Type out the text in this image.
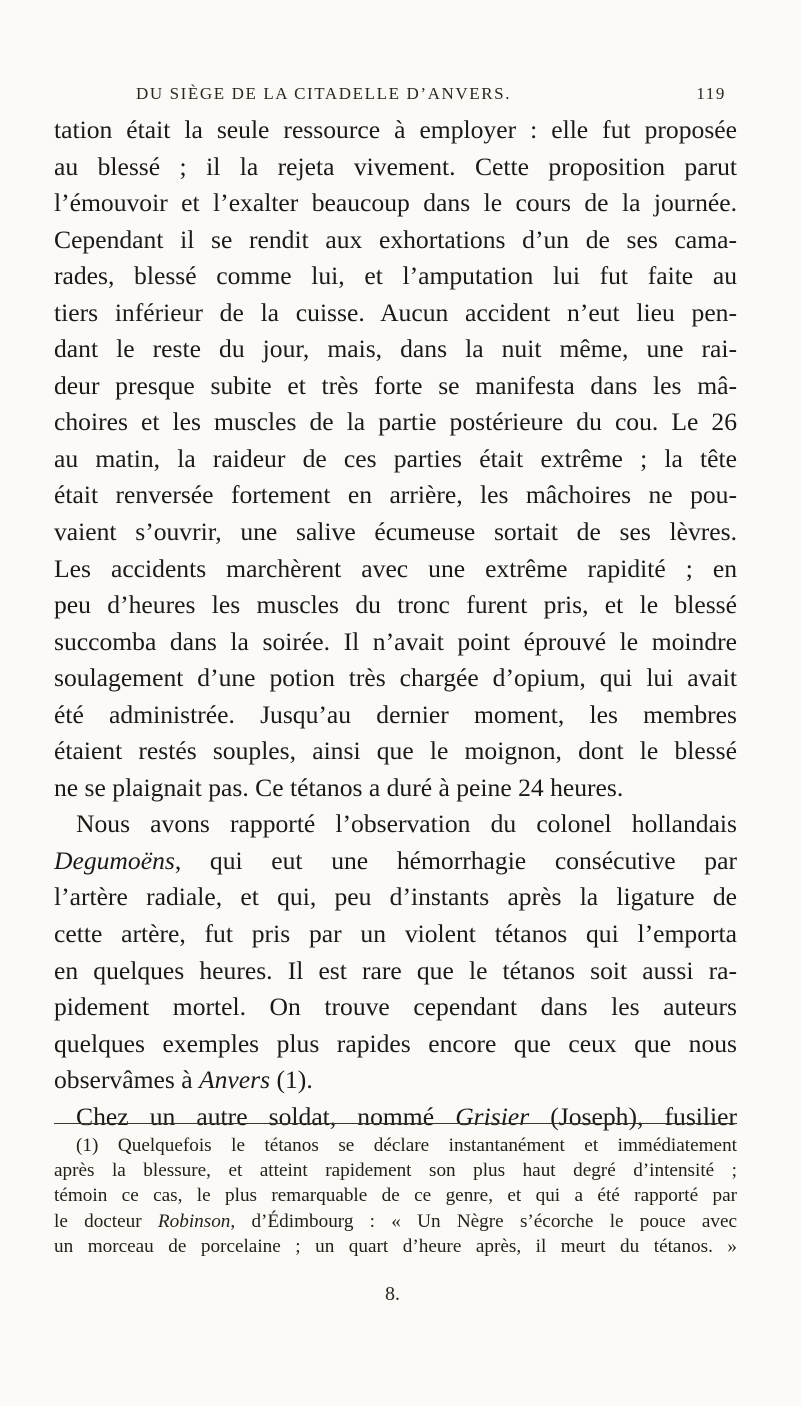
DU SIÈGE DE LA CITADELLE D’ANVERS.	119
tation était la seule ressource à employer : elle fut proposée
au blessé ; il la rejeta vivement. Cette proposition parut
l’émouvoir et l’exalter beaucoup dans le cours de la journée.
Cependant il se rendit aux exhortations d’un de ses cama-
rades, blessé comme lui, et l’amputation lui fut faite au
tiers inférieur de la cuisse. Aucun accident n’eut lieu pen-
dant le reste du jour, mais, dans la nuit même, une rai-
deur presque subite et très forte se manifesta dans les mâ-
choires et les muscles de la partie postérieure du cou. Le 26
au matin, la raideur de ces parties était extrême ; la tête
était renversée fortement en arrière, les mâchoires ne pou-
vaient s’ouvrir, une salive écumeuse sortait de ses lèvres.
Les accidents marchèrent avec une extrême rapidité ; en
peu d’heures les muscles du tronc furent pris, et le blessé
succomba dans la soirée. Il n’avait point éprouvé le moindre
soulagement d’une potion très chargée d’opium, qui lui avait
été administrée. Jusqu’au dernier moment, les membres
étaient restés souples, ainsi que le moignon, dont le blessé
ne se plaignait pas. Ce tétanos a duré à peine 24 heures.
Nous avons rapporté l’observation du colonel hollandais
Degumoëns, qui eut une hémorrhagie consécutive par
l’artère radiale, et qui, peu d’instants après la ligature de
cette artère, fut pris par un violent tétanos qui l’emporta
en quelques heures. Il est rare que le tétanos soit aussi ra-
pidement mortel. On trouve cependant dans les auteurs
quelques exemples plus rapides encore que ceux que nous
observâmes à Anvers (1).
Chez un autre soldat, nommé Grisier (Joseph), fusilier
(1) Quelquefois le tétanos se déclare instantanément et immédiatement
après la blessure, et atteint rapidement son plus haut degré d’intensité ;
témoin ce cas, le plus remarquable de ce genre, et qui a été rapporté par
le docteur Robinson, d’Édimbourg : « Un Nègre s’écorche le pouce avec
un morceau de porcelaine ; un quart d’heure après, il meurt du tétanos. »
8.
